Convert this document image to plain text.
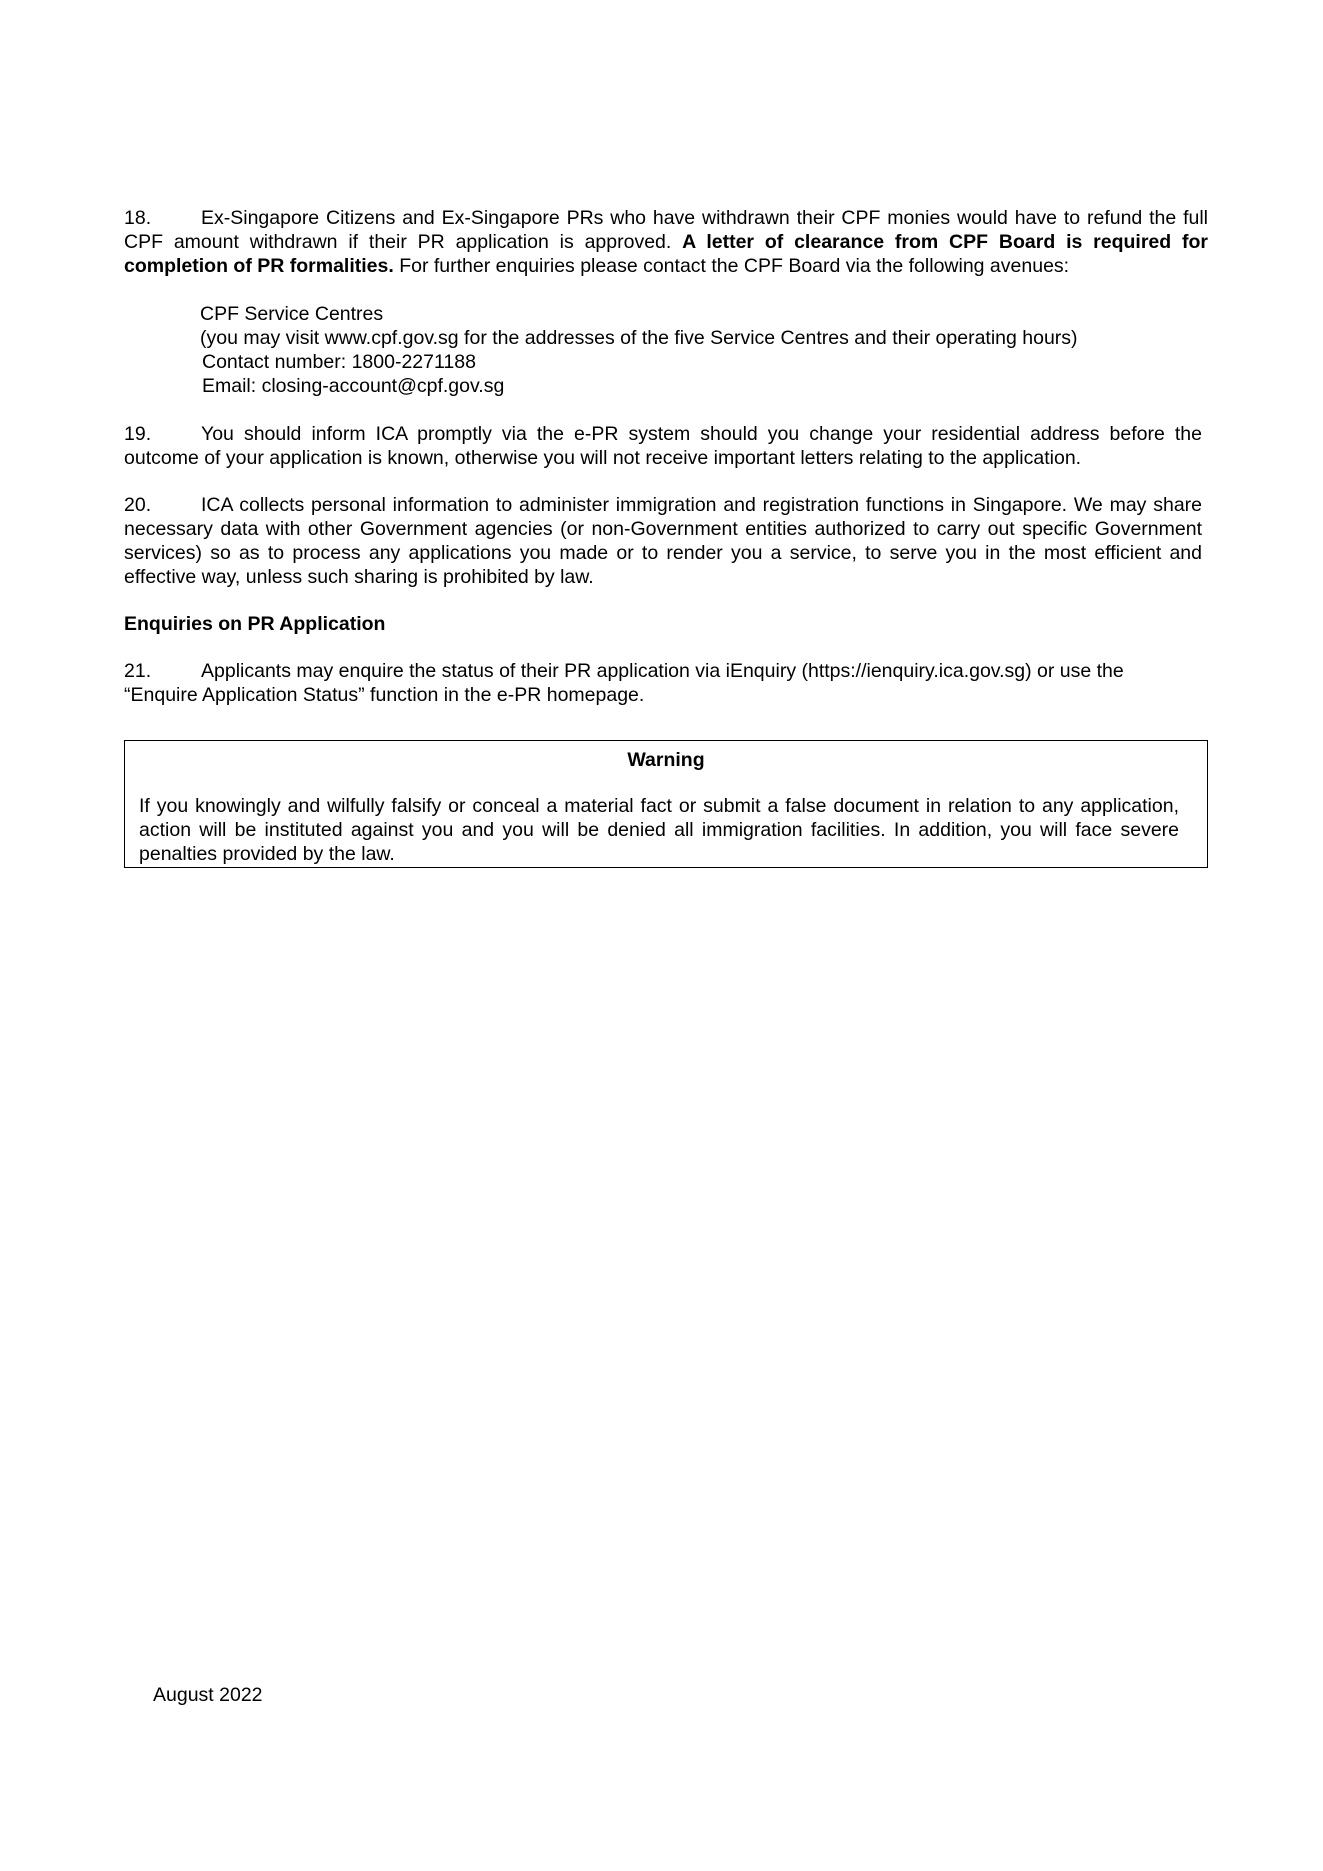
18.	Ex-Singapore Citizens and Ex-Singapore PRs who have withdrawn their CPF monies would have to refund the full CPF amount withdrawn if their PR application is approved. A letter of clearance from CPF Board is required for completion of PR formalities. For further enquiries please contact the CPF Board via the following avenues:

CPF Service Centres
(you may visit www.cpf.gov.sg for the addresses of the five Service Centres and their operating hours)
Contact number: 1800-2271188
Email: closing-account@cpf.gov.sg

19.	You should inform ICA promptly via the e-PR system should you change your residential address before the outcome of your application is known, otherwise you will not receive important letters relating to the application.

20.	ICA collects personal information to administer immigration and registration functions in Singapore. We may share necessary data with other Government agencies (or non-Government entities authorized to carry out specific Government services) so as to process any applications you made or to render you a service, to serve you in the most efficient and effective way, unless such sharing is prohibited by law.

Enquiries on PR Application

21.	Applicants may enquire the status of their PR application via iEnquiry (https://ienquiry.ica.gov.sg) or use the
“Enquire Application Status” function in the e-PR homepage.

Warning
If you knowingly and wilfully falsify or conceal a material fact or submit a false document in relation to any application, action will be instituted against you and you will be denied all immigration facilities. In addition, you will face severe penalties provided by the law.
August 2022
